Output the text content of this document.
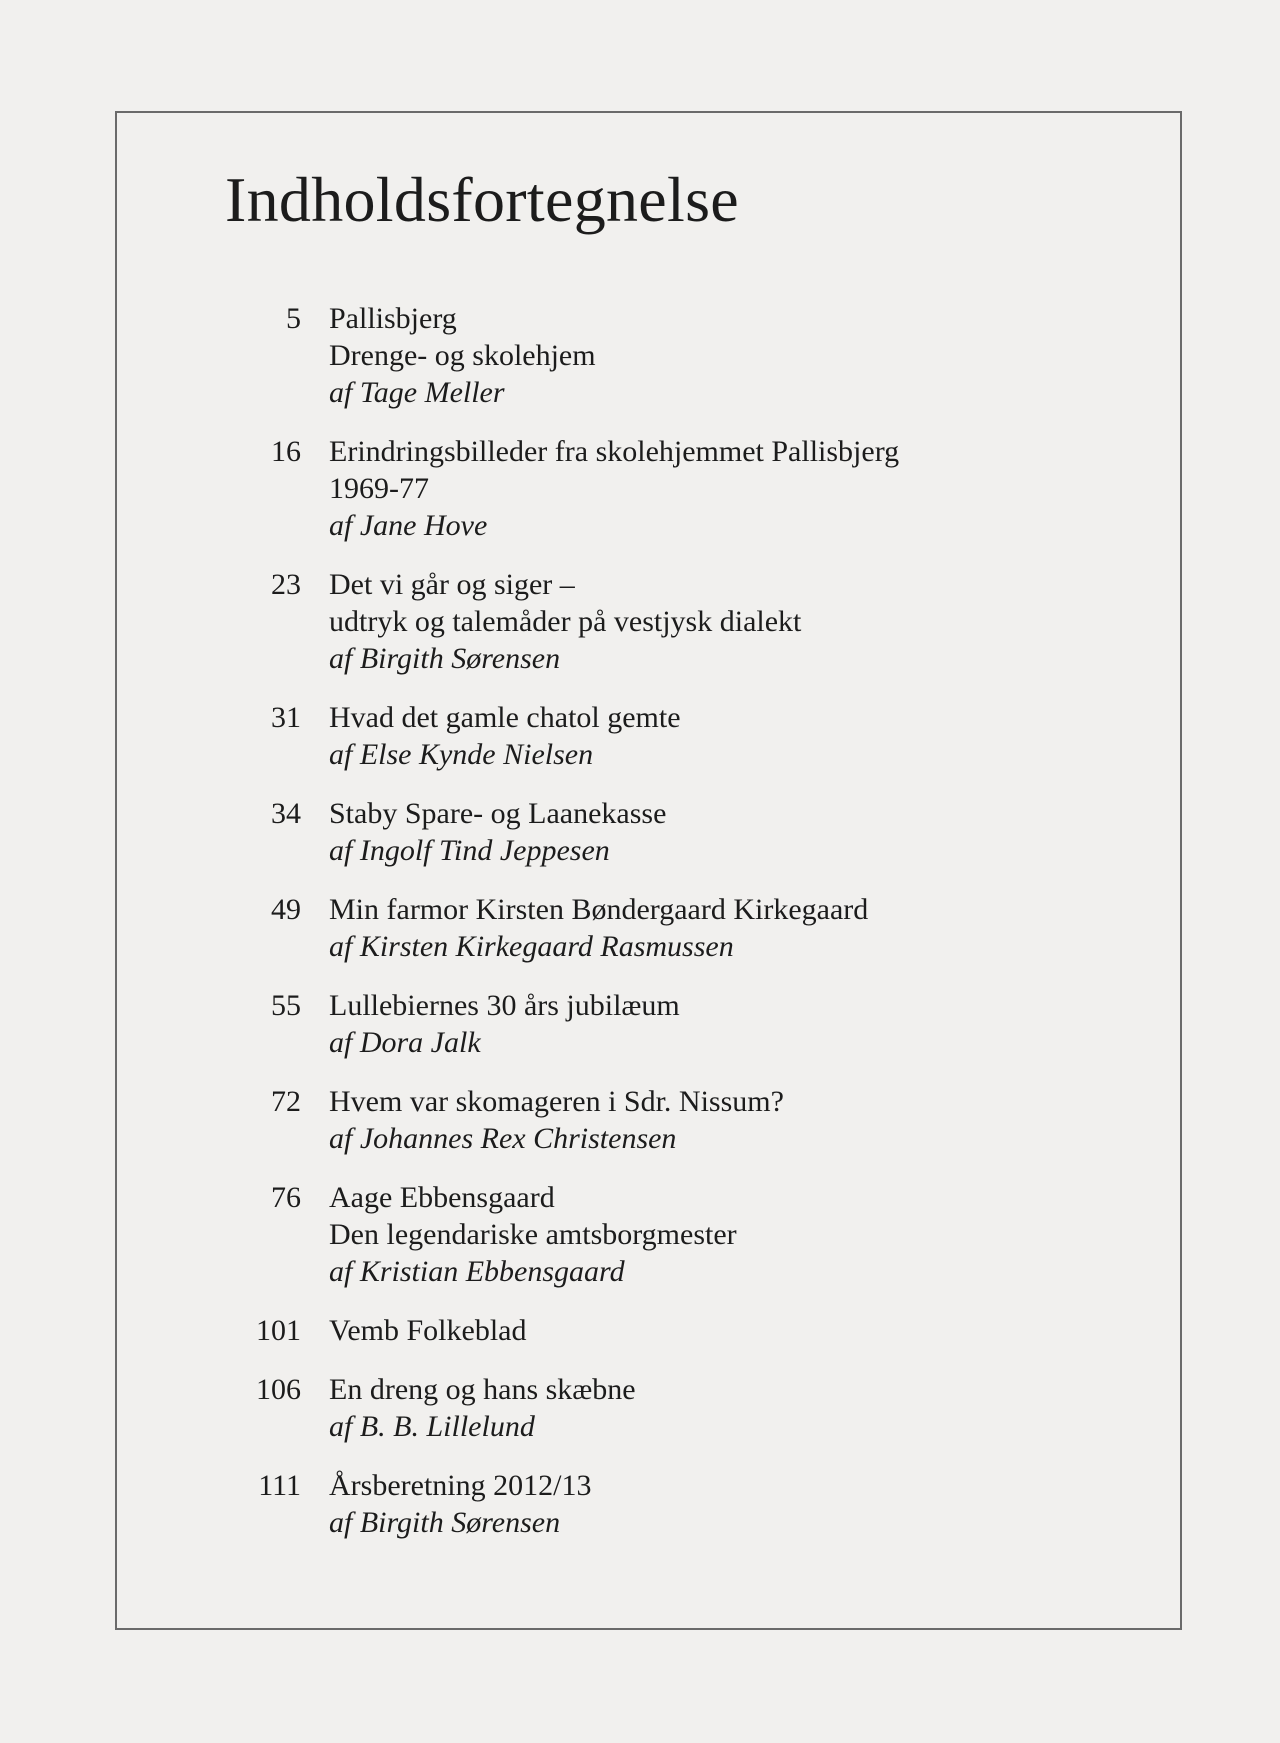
Indholdsfortegnelse
5 Pallisbjerg
Drenge- og skolehjem
af Tage Meller
16 Erindringsbilleder fra skolehjemmet Pallisbjerg
1969-77
af Jane Hove
23 Det vi går og siger –
udtryk og talemåder på vestjysk dialekt
af Birgith Sørensen
31 Hvad det gamle chatol gemte
af Else Kynde Nielsen
34 Staby Spare- og Laanekasse
af Ingolf Tind Jeppesen
49 Min farmor Kirsten Bøndergaard Kirkegaard
af Kirsten Kirkegaard Rasmussen
55 Lullebiernes 30 års jubilæum
af Dora Jalk
72 Hvem var skomageren i Sdr. Nissum?
af Johannes Rex Christensen
76 Aage Ebbensgaard
Den legendariske amtsborgmester
af Kristian Ebbensgaard
101 Vemb Folkeblad
106 En dreng og hans skæbne
af B. B. Lillelund
111 Årsberetning 2012/13
af Birgith Sørensen
